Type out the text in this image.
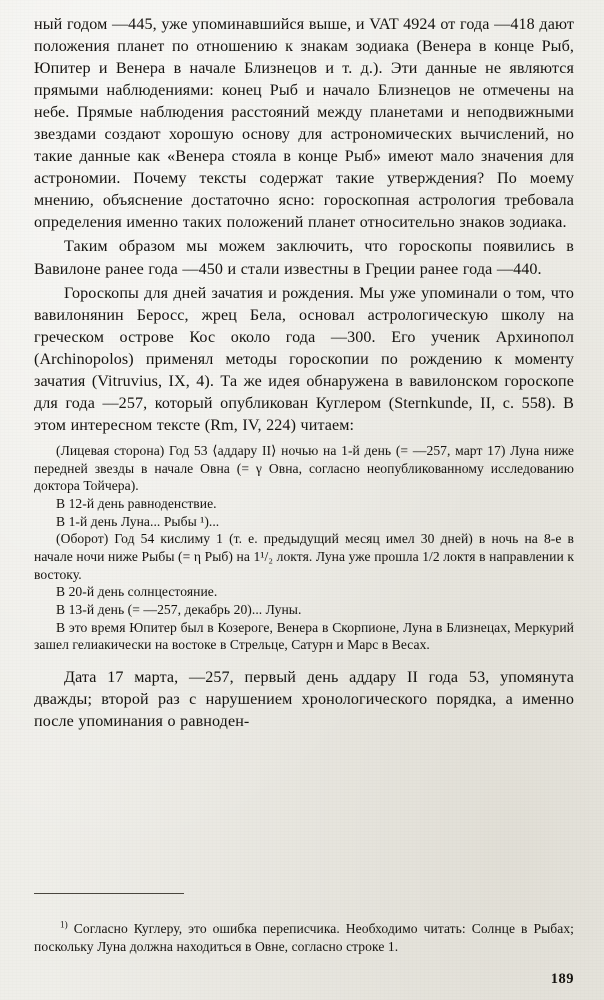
ный годом —445, уже упоминавшийся выше, и VAT 4924 от года —418 дают положения планет по отношению к знакам зодиака (Венера в конце Рыб, Юпитер и Венера в начале Близнецов и т. д.). Эти данные не являются прямыми наблюдениями: конец Рыб и начало Близнецов не отмечены на небе. Прямые наблюдения расстояний между планетами и неподвижными звездами создают хорошую основу для астрономических вычислений, но такие данные как «Венера стояла в конце Рыб» имеют мало значения для астрономии. Почему тексты содержат такие утверждения? По моему мнению, объяснение достаточно ясно: гороскопная астрология требовала определения именно таких положений планет относительно знаков зодиака.

Таким образом мы можем заключить, что гороскопы появились в Вавилоне ранее года —450 и стали известны в Греции ранее года —440.

Гороскопы для дней зачатия и рождения. Мы уже упоминали о том, что вавилонянин Беросс, жрец Бела, основал астрологическую школу на греческом острове Кос около года —300. Его ученик Архинопол (Archinopolos) применял методы гороскопии по рождению к моменту зачатия (Vitruvius, IX, 4). Та же идея обнаружена в вавилонском гороскопе для года —257, который опубликован Куглером (Sternkunde, II, с. 558). В этом интересном тексте (Rm, IV, 224) читаем:

(Лицевая сторона) Год 53 ⟨аддару II⟩ ночью на 1-й день (= —257, март 17) Луна ниже передней звезды в начале Овна (= γ Овна, согласно неопубликованному исследованию доктора Тойчера).

В 12-й день равноденствие.

В 1-й день Луна... Рыбы ¹)...

(Оборот) Год 54 кислиму 1 (т. е. предыдущий месяц имел 30 дней) в ночь на 8-е в начале ночи ниже Рыбы (= η Рыб) на 1¹/₂ локтя. Луна уже прошла 1/2 локтя в направлении к востоку.

В 20-й день солнцестояние.

В 13-й день (= —257, декабрь 20)... Луны.

В это время Юпитер был в Козероге, Венера в Скорпионе, Луна в Близнецах, Меркурий зашел гелиакически на востоке в Стрельце, Сатурн и Марс в Весах.

Дата 17 марта, —257, первый день аддару II года 53, упомянута дважды; второй раз с нарушением хронологического порядка, а именно после упоминания о равноден-

$^{1)}$ Согласно Куглеру, это ошибка переписчика. Необходимо читать: Солнце в Рыбах; поскольку Луна должна находиться в Овне, согласно строке 1.

189
